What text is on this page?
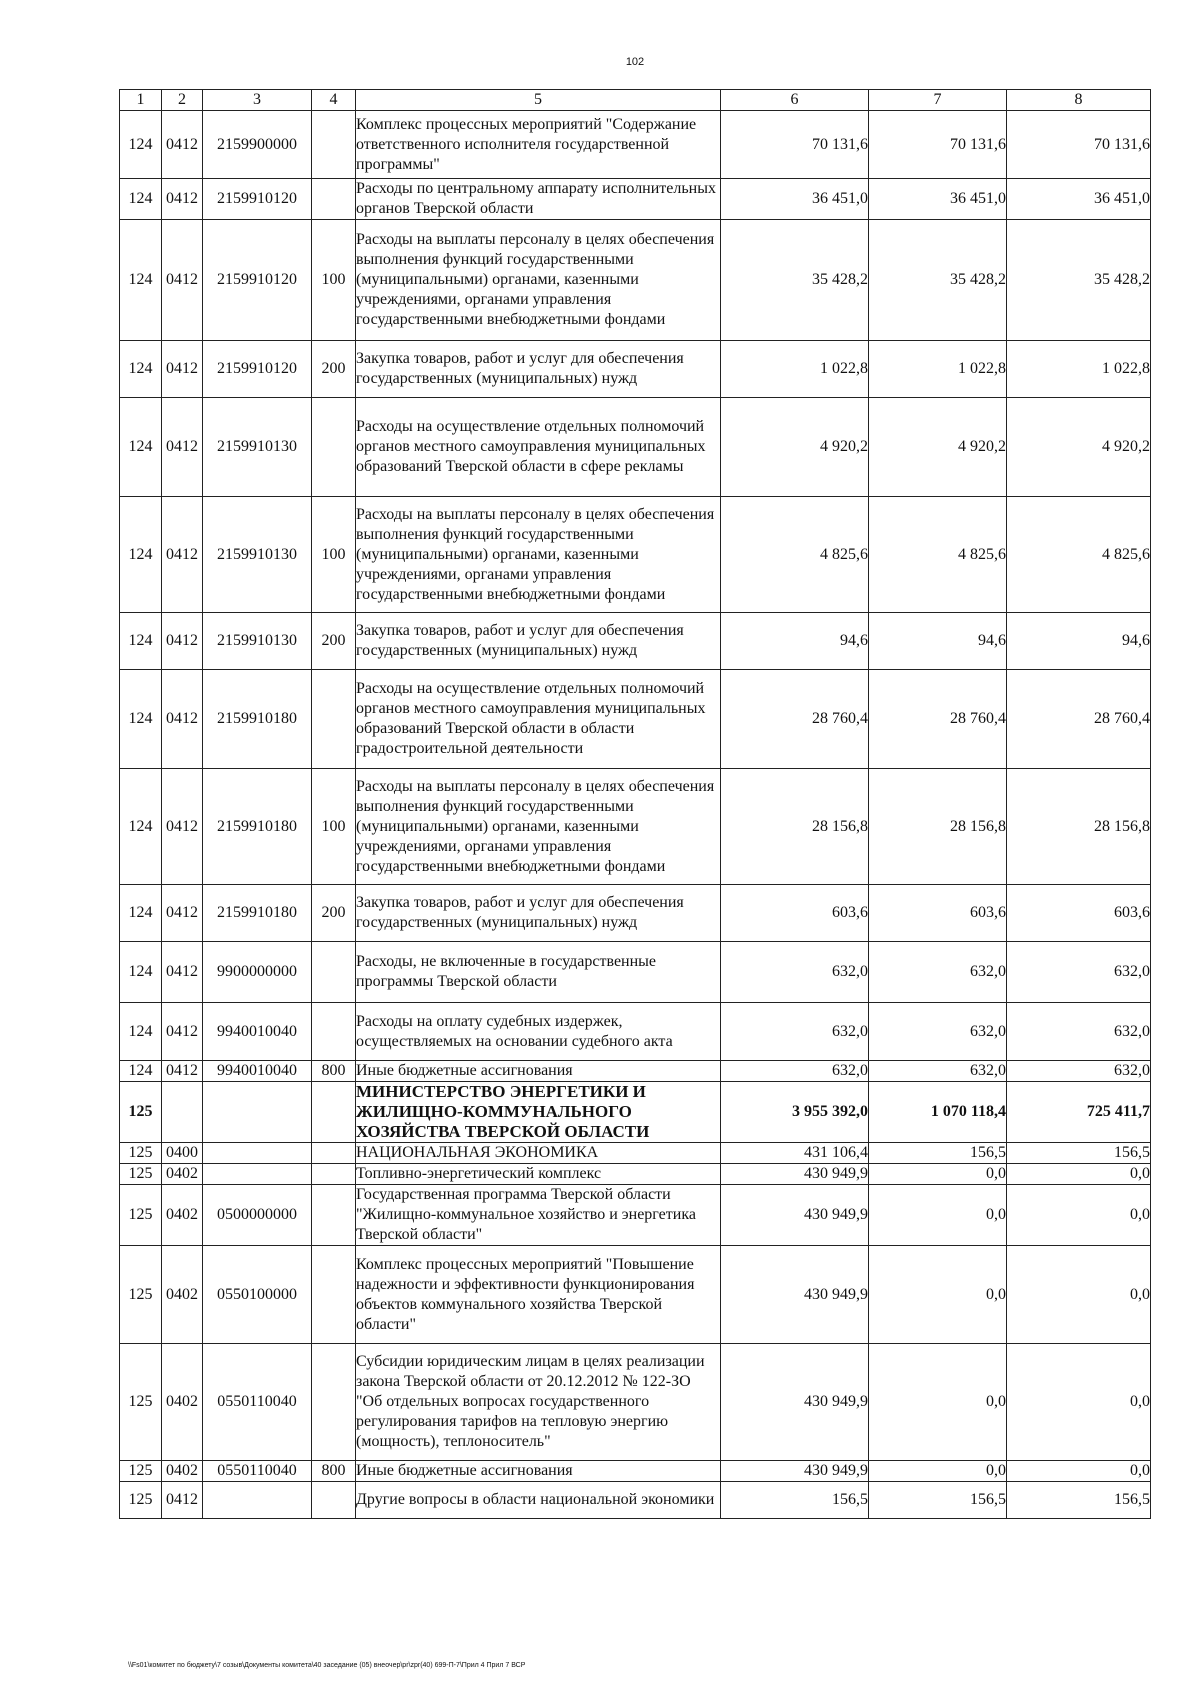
102
1	2	3	4	5	6	7	8
124	0412	2159900000		Комплекс процессных мероприятий "Содержание ответственного исполнителя государственной программы"	70 131,6	70 131,6	70 131,6
124	0412	2159910120		Расходы по центральному аппарату исполнительных органов Тверской области	36 451,0	36 451,0	36 451,0
124	0412	2159910120	100	Расходы на выплаты персоналу в целях обеспечения выполнения функций государственными (муниципальными) органами, казенными учреждениями, органами управления государственными внебюджетными фондами	35 428,2	35 428,2	35 428,2
124	0412	2159910120	200	Закупка товаров, работ и услуг для обеспечения государственных (муниципальных) нужд	1 022,8	1 022,8	1 022,8
124	0412	2159910130		Расходы на осуществление отдельных полномочий органов местного самоуправления муниципальных образований Тверской области в сфере рекламы	4 920,2	4 920,2	4 920,2
124	0412	2159910130	100	Расходы на выплаты персоналу в целях обеспечения выполнения функций государственными (муниципальными) органами, казенными учреждениями, органами управления государственными внебюджетными фондами	4 825,6	4 825,6	4 825,6
124	0412	2159910130	200	Закупка товаров, работ и услуг для обеспечения государственных (муниципальных) нужд	94,6	94,6	94,6
124	0412	2159910180		Расходы на осуществление отдельных полномочий органов местного самоуправления муниципальных образований Тверской области в области градостроительной деятельности	28 760,4	28 760,4	28 760,4
124	0412	2159910180	100	Расходы на выплаты персоналу в целях обеспечения выполнения функций государственными (муниципальными) органами, казенными учреждениями, органами управления государственными внебюджетными фондами	28 156,8	28 156,8	28 156,8
124	0412	2159910180	200	Закупка товаров, работ и услуг для обеспечения государственных (муниципальных) нужд	603,6	603,6	603,6
124	0412	9900000000		Расходы, не включенные в государственные программы Тверской области	632,0	632,0	632,0
124	0412	9940010040		Расходы на оплату судебных издержек, осуществляемых на основании судебного акта	632,0	632,0	632,0
124	0412	9940010040	800	Иные бюджетные ассигнования	632,0	632,0	632,0
125				МИНИСТЕРСТВО ЭНЕРГЕТИКИ И ЖИЛИЩНО-КОММУНАЛЬНОГО ХОЗЯЙСТВА ТВЕРСКОЙ ОБЛАСТИ	3 955 392,0	1 070 118,4	725 411,7
125	0400			НАЦИОНАЛЬНАЯ ЭКОНОМИКА	431 106,4	156,5	156,5
125	0402			Топливно-энергетический комплекс	430 949,9	0,0	0,0
125	0402	0500000000		Государственная программа Тверской области "Жилищно-коммунальное хозяйство и энергетика Тверской области"	430 949,9	0,0	0,0
125	0402	0550100000		Комплекс процессных мероприятий "Повышение надежности и эффективности функционирования объектов коммунального хозяйства Тверской области"	430 949,9	0,0	0,0
125	0402	0550110040		Субсидии юридическим лицам в целях реализации закона Тверской области от 20.12.2012 № 122-ЗО "Об отдельных вопросах государственного регулирования тарифов на тепловую энергию (мощность), теплоноситель"	430 949,9	0,0	0,0
125	0402	0550110040	800	Иные бюджетные ассигнования	430 949,9	0,0	0,0
125	0412			Другие вопросы в области национальной экономики	156,5	156,5	156,5
\\Fs01\комитет по бюджету\7 созыв\Документы комитета\40 заседание (05) внеочер\pr\zpr(40) 699-П-7\Прил 4 Прил 7 ВСР
